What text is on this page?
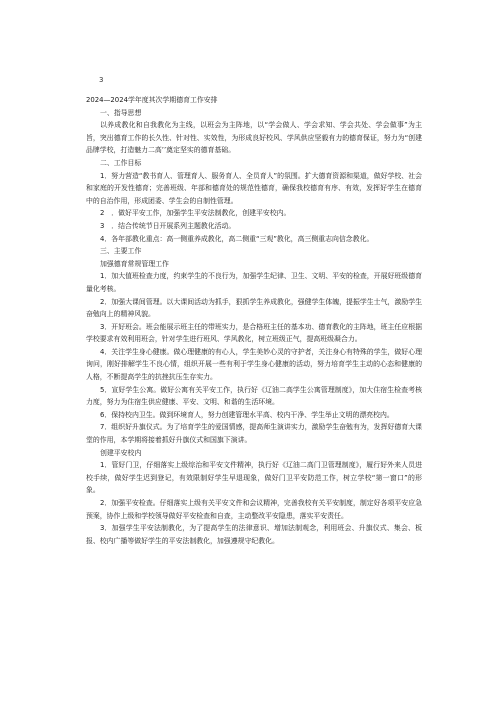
3

2024—2024学年度其次学期德育工作安排

一、指导思想

以养成教化和自我教化为主线，以班会为主阵地，以“学会做人、学会求知、学会共处、学会做事”为主旨，突出德育工作的长久性、针对性、实效性，为形成良好校风、学风供应坚毅有力的德育保证，努力为“创建品牌学校，打造魅力二高’’奠定坚实的德育基础。

二、工作目标

1．努力营造“教书育人、管理育人、服务育人、全员育人”的氛围。扩大德育资源和渠道，做好学校、社会和家庭的开发性德育；完善班级、年部和德育处的规范性德育，确保我校德育有序、有效，发挥好学生在德育中的自治作用，形成团委、学生会的自制性管理。

2　．做好平安工作，加强学生平安法制教化，创建平安校内。

3　．结合传统节日开展系列主题教化活动。

4．各年部教化重点：高一侧重养成教化，高二侧重“三观”教化，高三侧重志向信念教化。

三、主要工作

加强德育常规管理工作

1．加大值班检查力度，约束学生的不良行为，加强学生纪律、卫生、文明、平安的检查，开展好班级德育量化考核。

2．加强大课间管理。以大课间活动为抓手，狠抓学生养成教化，强健学生体魄，提振学生士气，激励学生奋勉向上的精神风貌。

3．开好班会。班会能展示班主任的带班实力，是合格班主任的基本功、德育教化的主阵地，班主任应根据学校要求有效利用班会，针对学生进行班风、学风教化，树立班级正气，提高班级凝合力。

4．关注学生身心健康。做心理健康的有心人，学生美妙心灵的守护者，关注身心有特殊的学生，做好心理询问，刚好排解学生不良心情，组织开展一些有利于学生身心健康的活动，努力培育学生主动的心态和健康的人格，不断提高学生的抗挫抗压生存实力。

5．宣好学生公寓。做好公寓有关平安工作，执行好《辽油二高学生公寓管理制度》，加大住宿生检查考核力度，努力为住宿生供应健康、平安、文明、和谐的生活环境。

6．保持校内卫生。做到环境育人，努力创建管理水平高、校内干净、学生举止文明的漂亮校内。

7．组织好升旗仪式。为了培育学生的爱国情感，提高师生演讲实力，激励学生奋勉有为，发挥好德育大课堂的作用，本学期将接着抓好升旗仪式和国旗下演讲。

创建平安校内

1．管好门卫，仔细落实上级综治和平安文件精神，执行好《辽油二高门卫管理制度》，履行好外来人员进校手续，做好学生迟到登记，有效限制好学生早退现象，做好门卫平安防范工作，树立学校“第一窗口”的形象。

2．加强平安检查。仔细落实上级有关平安文件和会议精神，完善我校有关平安制度，制定好各项平安应急预案，协作上级和学校领导做好平安检查和自查，主动整改平安隐患，落实平安责任。

3．加强学生平安法制教化，为了提高学生的法律意识、增加法制观念，利用班会、升旗仪式、集会、板报、校内广播等做好学生的平安法制教化，加强遵规守纪教化。
